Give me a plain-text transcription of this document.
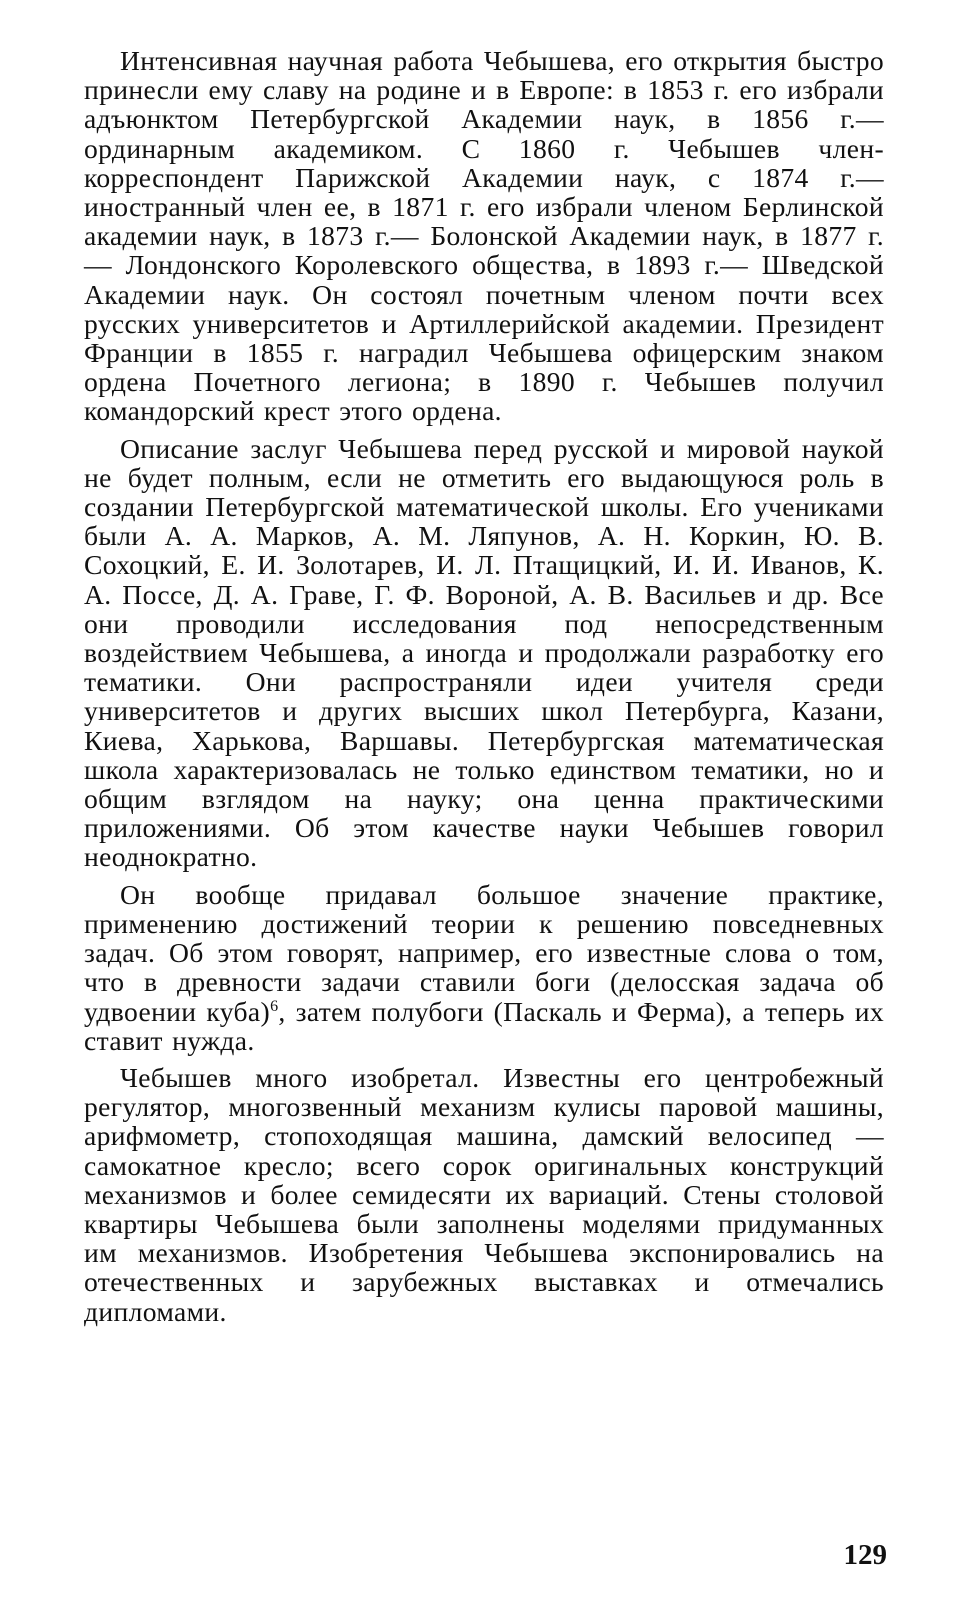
Интенсивная научная работа Чебышева, его открытия быстро принесли ему славу на родине и в Европе: в 1853 г. его избрали адъюнктом Петербургской Академии наук, в 1856 г.— ординарным академиком. С 1860 г. Чебышев член-корреспондент Парижской Академии наук, с 1874 г.— иностранный член ее, в 1871 г. его избрали членом Берлинской академии наук, в 1873 г.— Болонской Академии наук, в 1877 г.— Лондонского Королевского общества, в 1893 г.— Шведской Академии наук. Он состоял почетным членом почти всех русских университетов и Артиллерийской академии. Президент Франции в 1855 г. наградил Чебышева офицерским знаком ордена Почетного легиона; в 1890 г. Чебышев получил командорский крест этого ордена.

Описание заслуг Чебышева перед русской и мировой наукой не будет полным, если не отметить его выдающуюся роль в создании Петербургской математической школы. Его учениками были А. А. Марков, А. М. Ляпунов, А. Н. Коркин, Ю. В. Сохоцкий, Е. И. Золотарев, И. Л. Птащицкий, И. И. Иванов, К. А. Поссе, Д. А. Граве, Г. Ф. Вороной, А. В. Васильев и др. Все они проводили исследования под непосредственным воздействием Чебышева, а иногда и продолжали разработку его тематики. Они распространяли идеи учителя среди университетов и других высших школ Петербурга, Казани, Киева, Харькова, Варшавы. Петербургская математическая школа характеризовалась не только единством тематики, но и общим взглядом на науку; она ценна практическими приложениями. Об этом качестве науки Чебышев говорил неоднократно.

Он вообще придавал большое значение практике, применению достижений теории к решению повседневных задач. Об этом говорят, например, его известные слова о том, что в древности задачи ставили боги (делосская задача об удвоении куба)$^6$, затем полубоги (Паскаль и Ферма), а теперь их ставит нужда.

Чебышев много изобретал. Известны его центробежный регулятор, многозвенный механизм кулисы паровой машины, арифмометр, стопоходящая машина, дамский велосипед — самокатное кресло; всего сорок оригинальных конструкций механизмов и более семидесяти их вариаций. Стены столовой квартиры Чебышева были заполнены моделями придуманных им механизмов. Изобретения Чебышева экспонировались на отечественных и зарубежных выставках и отмечались дипломами.

129
